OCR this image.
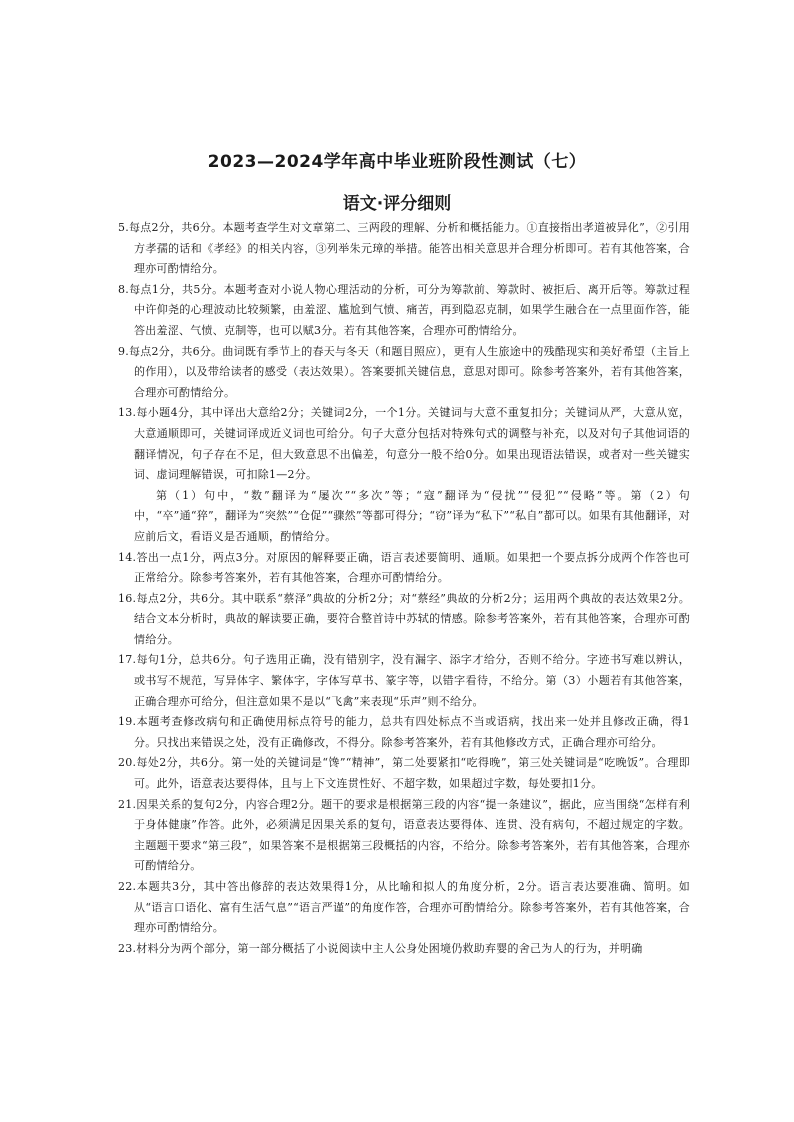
2023—2024学年高中毕业班阶段性测试（七）
语文·评分细则

5.每点2分，共6分。本题考查学生对文章第二、三两段的理解、分析和概括能力。①直接指出孝道被异化”，②引用方孝孺的话和《孝经》的相关内容，③列举朱元璋的举措。能答出相关意思并合理分析即可。若有其他答案，合理亦可酌情给分。

8.每点1分，共5分。本题考查对小说人物心理活动的分析，可分为筹款前、筹款时、被拒后、离开后等。筹款过程中许仰尧的心理波动比较频繁，由羞涩、尴尬到气愤、痛苦，再到隐忍克制，如果学生融合在一点里面作答，能答出羞涩、气愤、克制等，也可以赋3分。若有其他答案，合理亦可酌情给分。

9.每点2分，共6分。曲词既有季节上的春天与冬天（和题目照应），更有人生旅途中的残酷现实和美好希望（主旨上的作用），以及带给读者的感受（表达效果）。答案要抓关键信息，意思对即可。除参考答案外，若有其他答案，合理亦可酌情给分。

13.每小题4分，其中译出大意给2分；关键词2分，一个1分。关键词与大意不重复扣分；关键词从严，大意从宽，大意通顺即可，关键词译成近义词也可给分。句子大意分包括对特殊句式的调整与补充，以及对句子其他词语的翻译情况，句子存在不足，但大致意思不出偏差，句意分一般不给0分。如果出现语法错误，或者对一些关键实词、虚词理解错误，可扣除1—2分。

第（1）句中，“数”翻译为“屡次”“多次”等；“寇”翻译为“侵扰”“侵犯”“侵略”等。第（2）句中，“卒”通“猝”，翻译为“突然”“仓促”“骤然”等都可得分；“窃”译为“私下”“私自”都可以。如果有其他翻译，对应前后文，看语义是否通顺，酌情给分。

14.答出一点1分，两点3分。对原因的解释要正确，语言表述要简明、通顺。如果把一个要点拆分成两个作答也可正常给分。除参考答案外，若有其他答案，合理亦可酌情给分。

16.每点2分，共6分。其中联系“蔡泽”典故的分析2分；对“蔡经”典故的分析2分；运用两个典故的表达效果2分。结合文本分析时，典故的解读要正确，要符合整首诗中苏轼的情感。除参考答案外，若有其他答案，合理亦可酌情给分。

17.每句1分，总共6分。句子选用正确，没有错别字，没有漏字、添字才给分，否则不给分。字迹书写难以辨认，或书写不规范，写异体字、繁体字，字体写草书、篆字等，以错字看待，不给分。第（3）小题若有其他答案，正确合理亦可给分，但注意如果不是以“飞禽”来表现“乐声”则不给分。

19.本题考查修改病句和正确使用标点符号的能力，总共有四处标点不当或语病，找出来一处并且修改正确，得1分。只找出来错误之处，没有正确修改，不得分。除参考答案外，若有其他修改方式，正确合理亦可给分。

20.每处2分，共6分。第一处的关键词是“馋”“精神”，第二处要紧扣“吃得晚”，第三处关键词是“吃晚饭”。合理即可。此外，语意表达要得体，且与上下文连贯性好、不超字数，如果超过字数，每处要扣1分。

21.因果关系的复句2分，内容合理2分。题干的要求是根据第三段的内容“提一条建议”，据此，应当围绕“怎样有利于身体健康”作答。此外，必须满足因果关系的复句，语意表达要得体、连贯、没有病句，不超过规定的字数。主题题干要求“第三段”，如果答案不是根据第三段概括的内容，不给分。除参考答案外，若有其他答案，合理亦可酌情给分。

22.本题共3分，其中答出修辞的表达效果得1分，从比喻和拟人的角度分析，2分。语言表达要准确、简明。如从“语言口语化、富有生活气息”“语言严谨”的角度作答，合理亦可酌情给分。除参考答案外，若有其他答案，合理亦可酌情给分。

23.材料分为两个部分，第一部分概括了小说阅读中主人公身处困境仍救助弃婴的舍己为人的行为，并明确
